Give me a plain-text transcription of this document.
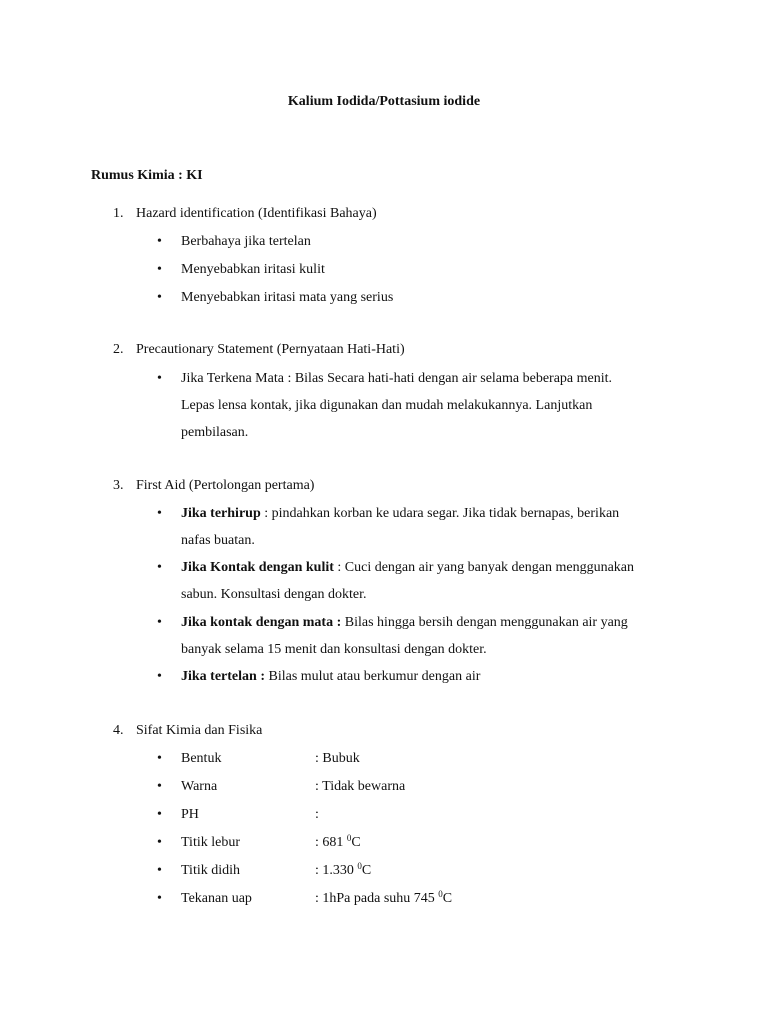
Kalium Iodida/Pottasium iodide
Rumus Kimia : KI
1. Hazard identification (Identifikasi Bahaya)
• Berbahaya jika tertelan
• Menyebabkan iritasi kulit
• Menyebabkan iritasi mata yang serius
2. Precautionary Statement (Pernyataan Hati-Hati)
• Jika Terkena Mata : Bilas Secara hati-hati dengan air selama beberapa menit.
Lepas lensa kontak, jika digunakan dan mudah melakukannya. Lanjutkan
pembilasan.
3. First Aid (Pertolongan pertama)
• Jika terhirup : pindahkan korban ke udara segar. Jika tidak bernapas, berikan
nafas buatan.
• Jika Kontak dengan kulit : Cuci dengan air yang banyak dengan menggunakan
sabun. Konsultasi dengan dokter.
• Jika kontak dengan mata : Bilas hingga bersih dengan menggunakan air yang
banyak selama 15 menit dan konsultasi dengan dokter.
• Jika tertelan : Bilas mulut atau berkumur dengan air
4. Sifat Kimia dan Fisika
• Bentuk	: Bubuk
• Warna	: Tidak bewarna
• PH	:
• Titik lebur	: 681 $^0$C
• Titik didih	: 1.330 $^0$C
• Tekanan uap	: 1hPa pada suhu 745 $^0$C
